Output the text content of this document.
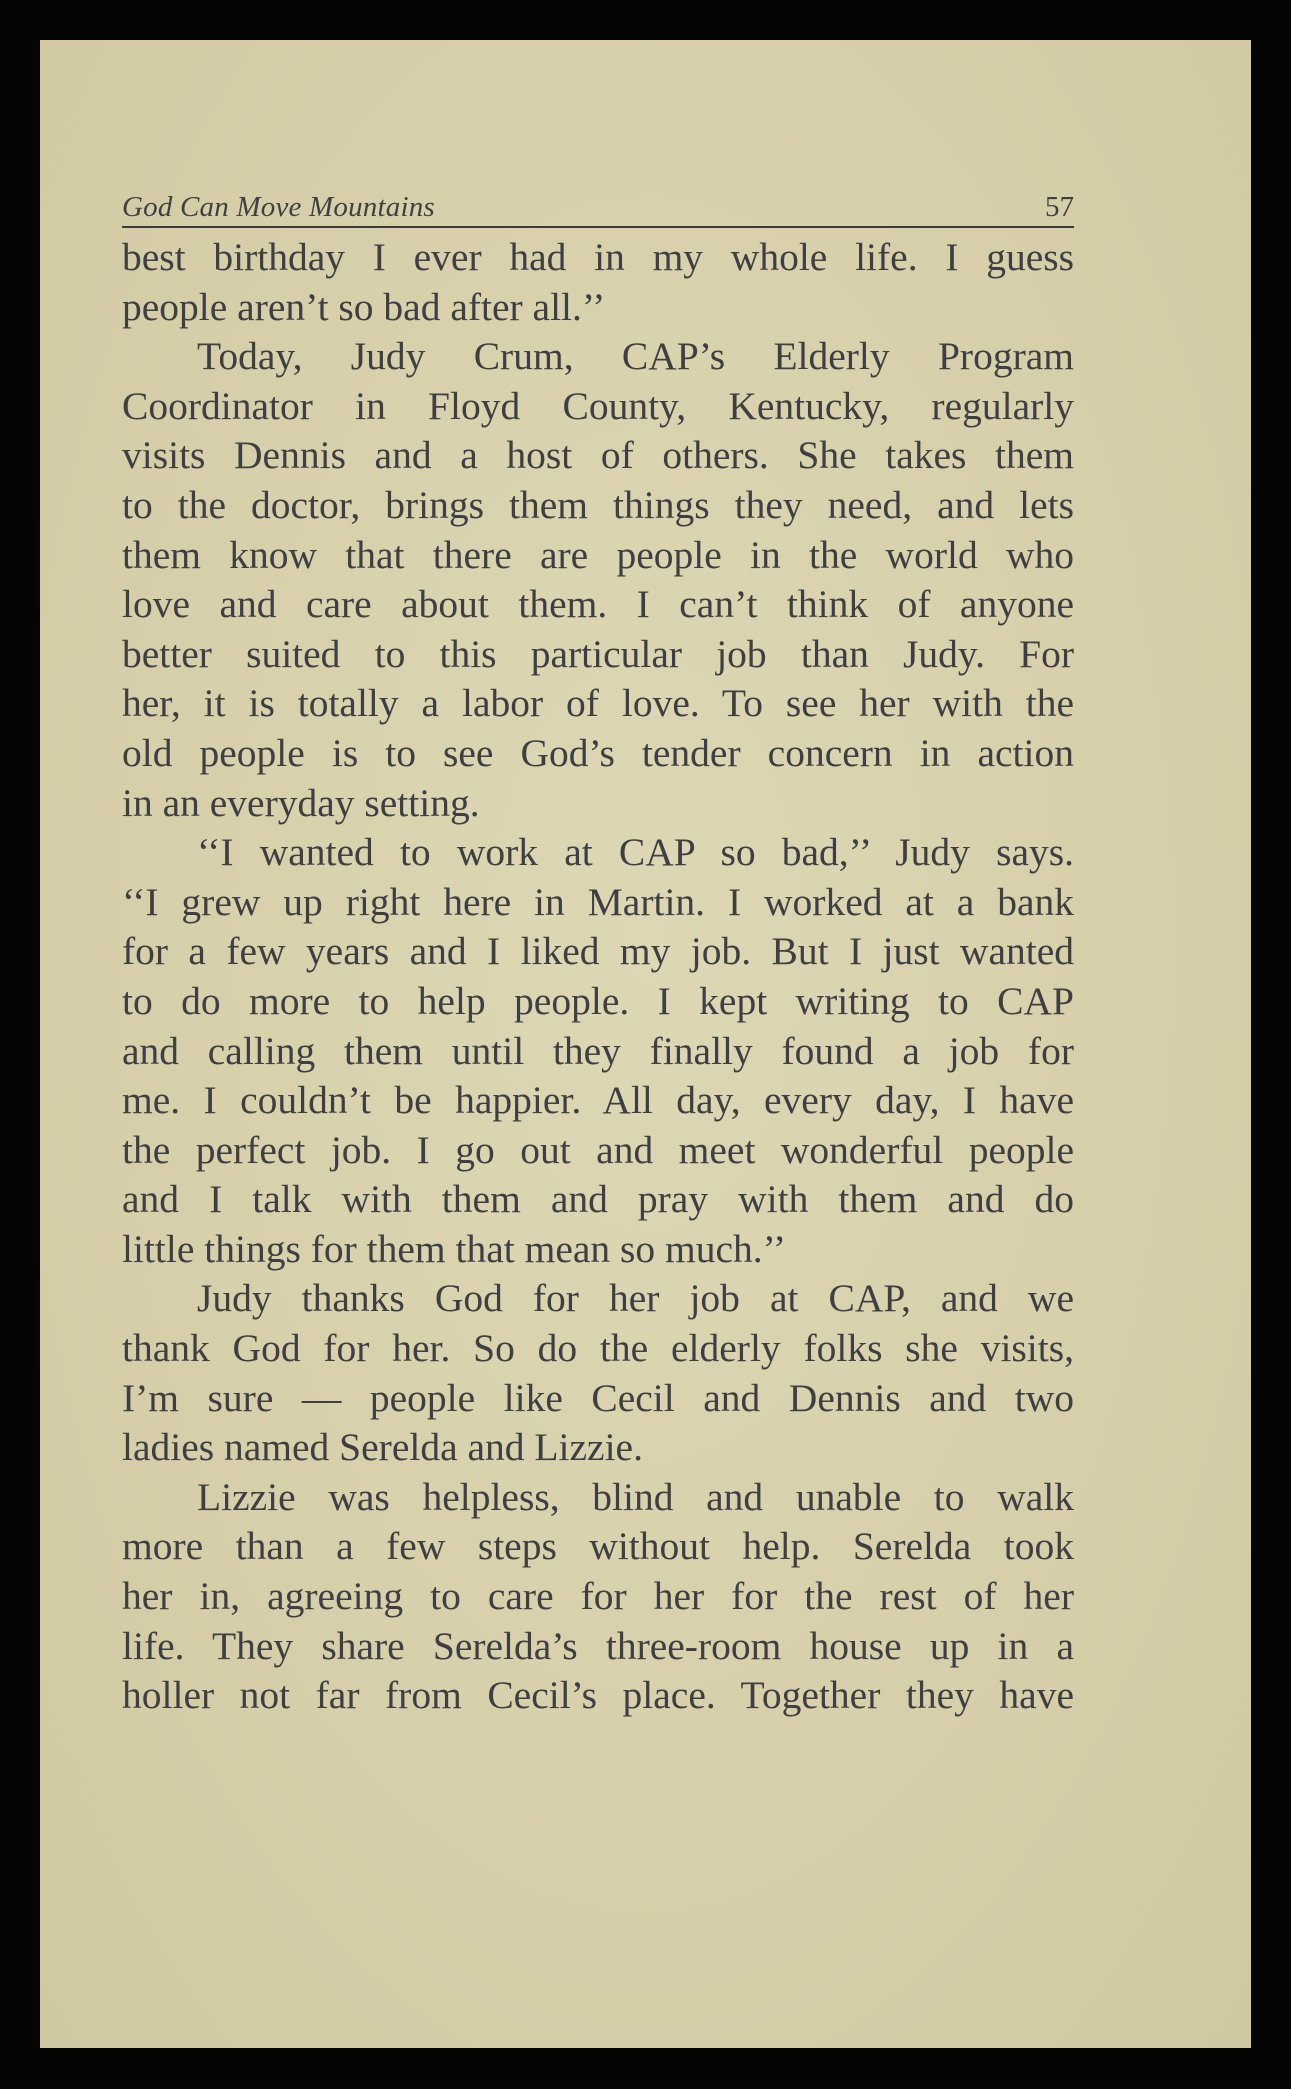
God Can Move Mountains	57
best birthday I ever had in my whole life. I guess
people aren’t so bad after all.’’
Today, Judy Crum, CAP’s Elderly Program
Coordinator in Floyd County, Kentucky, regularly
visits Dennis and a host of others. She takes them
to the doctor, brings them things they need, and lets
them know that there are people in the world who
love and care about them. I can’t think of anyone
better suited to this particular job than Judy. For
her, it is totally a labor of love. To see her with the
old people is to see God’s tender concern in action
in an everyday setting.
‘‘I wanted to work at CAP so bad,’’ Judy says.
‘‘I grew up right here in Martin. I worked at a bank
for a few years and I liked my job. But I just wanted
to do more to help people. I kept writing to CAP
and calling them until they finally found a job for
me. I couldn’t be happier. All day, every day, I have
the perfect job. I go out and meet wonderful people
and I talk with them and pray with them and do
little things for them that mean so much.’’
Judy thanks God for her job at CAP, and we
thank God for her. So do the elderly folks she visits,
I’m sure — people like Cecil and Dennis and two
ladies named Serelda and Lizzie.
Lizzie was helpless, blind and unable to walk
more than a few steps without help. Serelda took
her in, agreeing to care for her for the rest of her
life. They share Serelda’s three-room house up in a
holler not far from Cecil’s place. Together they have
